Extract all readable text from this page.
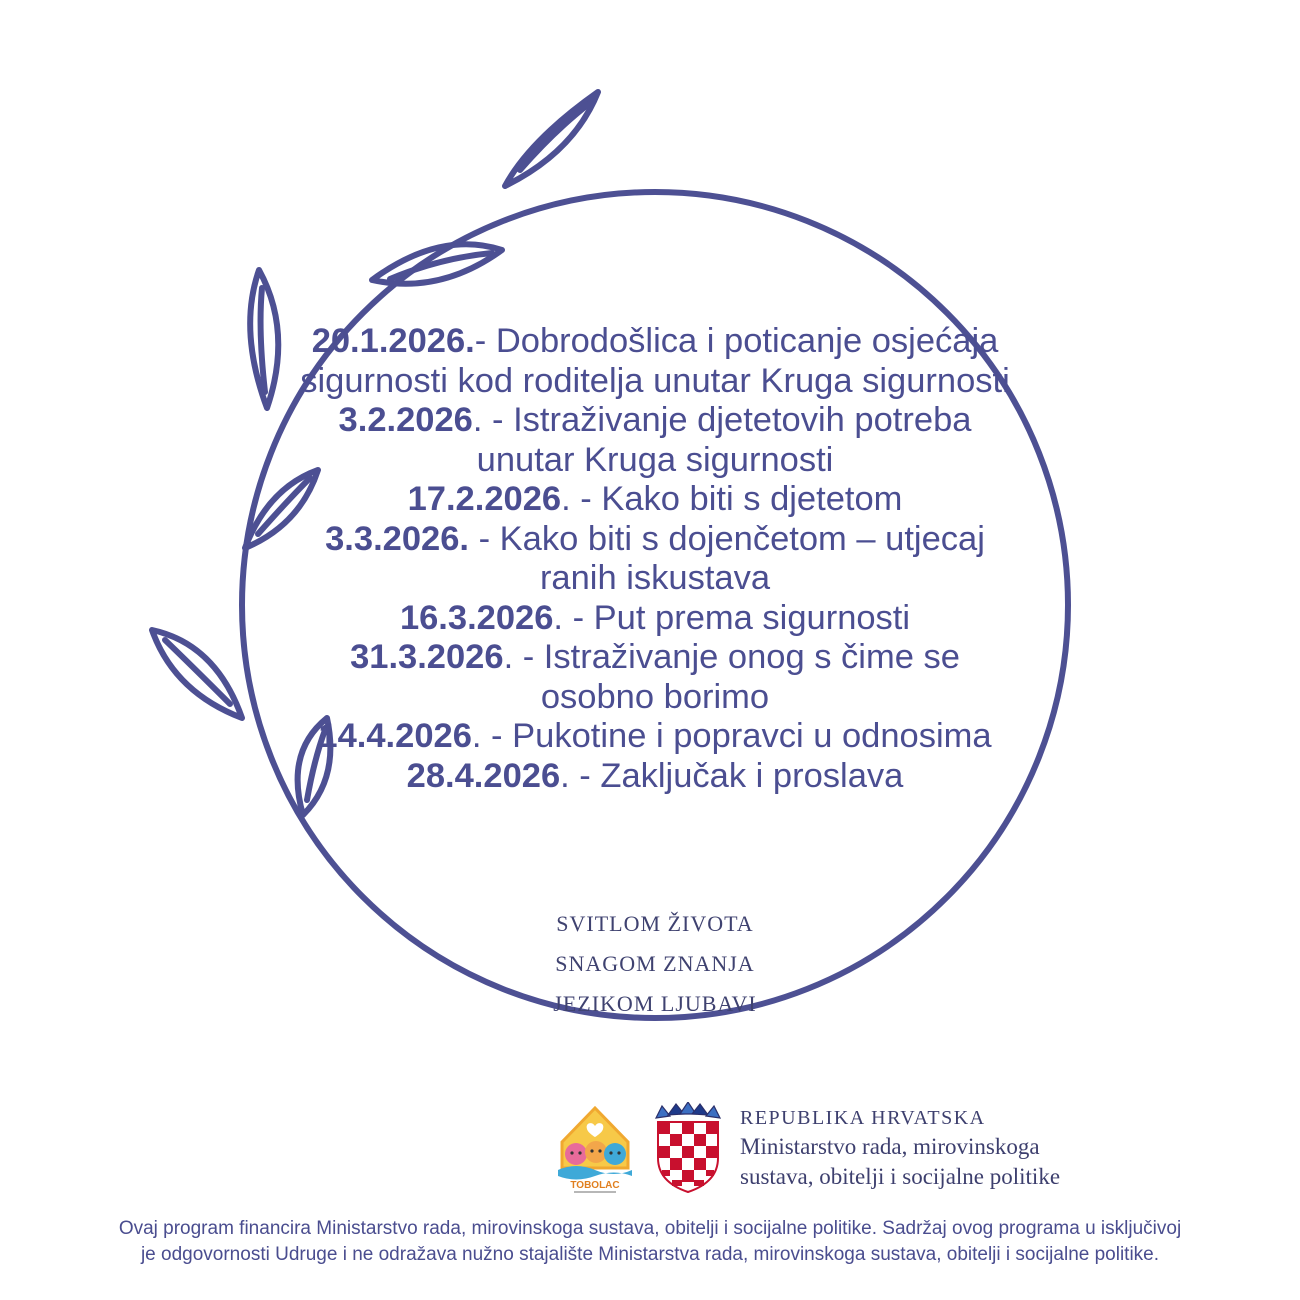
20.1.2026.- Dobrodošlica i poticanje osjećaja sigurnosti kod roditelja unutar Kruga sigurnosti

3.2.2026. - Istraživanje djetetovih potreba unutar Kruga sigurnosti

17.2.2026. - Kako biti s djetetom

3.3.2026. - Kako biti s dojenčetom – utjecaj ranih iskustava

16.3.2026. - Put prema sigurnosti

31.3.2026. - Istraživanje onog s čime se osobno borimo

14.4.2026. - Pukotine i popravci u odnosima

28.4.2026. - Zaključak i proslava

SVITLOM ŽIVOTA
SNAGOM ZNANJA
JEZIKOM LJUBAVI
TOBOLAC
REPUBLIKA HRVATSKA
Ministarstvo rada, mirovinskoga
sustava, obitelji i socijalne politike
Ovaj program financira Ministarstvo rada, mirovinskoga sustava, obitelji i socijalne politike. Sadržaj ovog programa u isključivoj
je odgovornosti Udruge i ne odražava nužno stajalište Ministarstva rada, mirovinskoga sustava, obitelji i socijalne politike.
